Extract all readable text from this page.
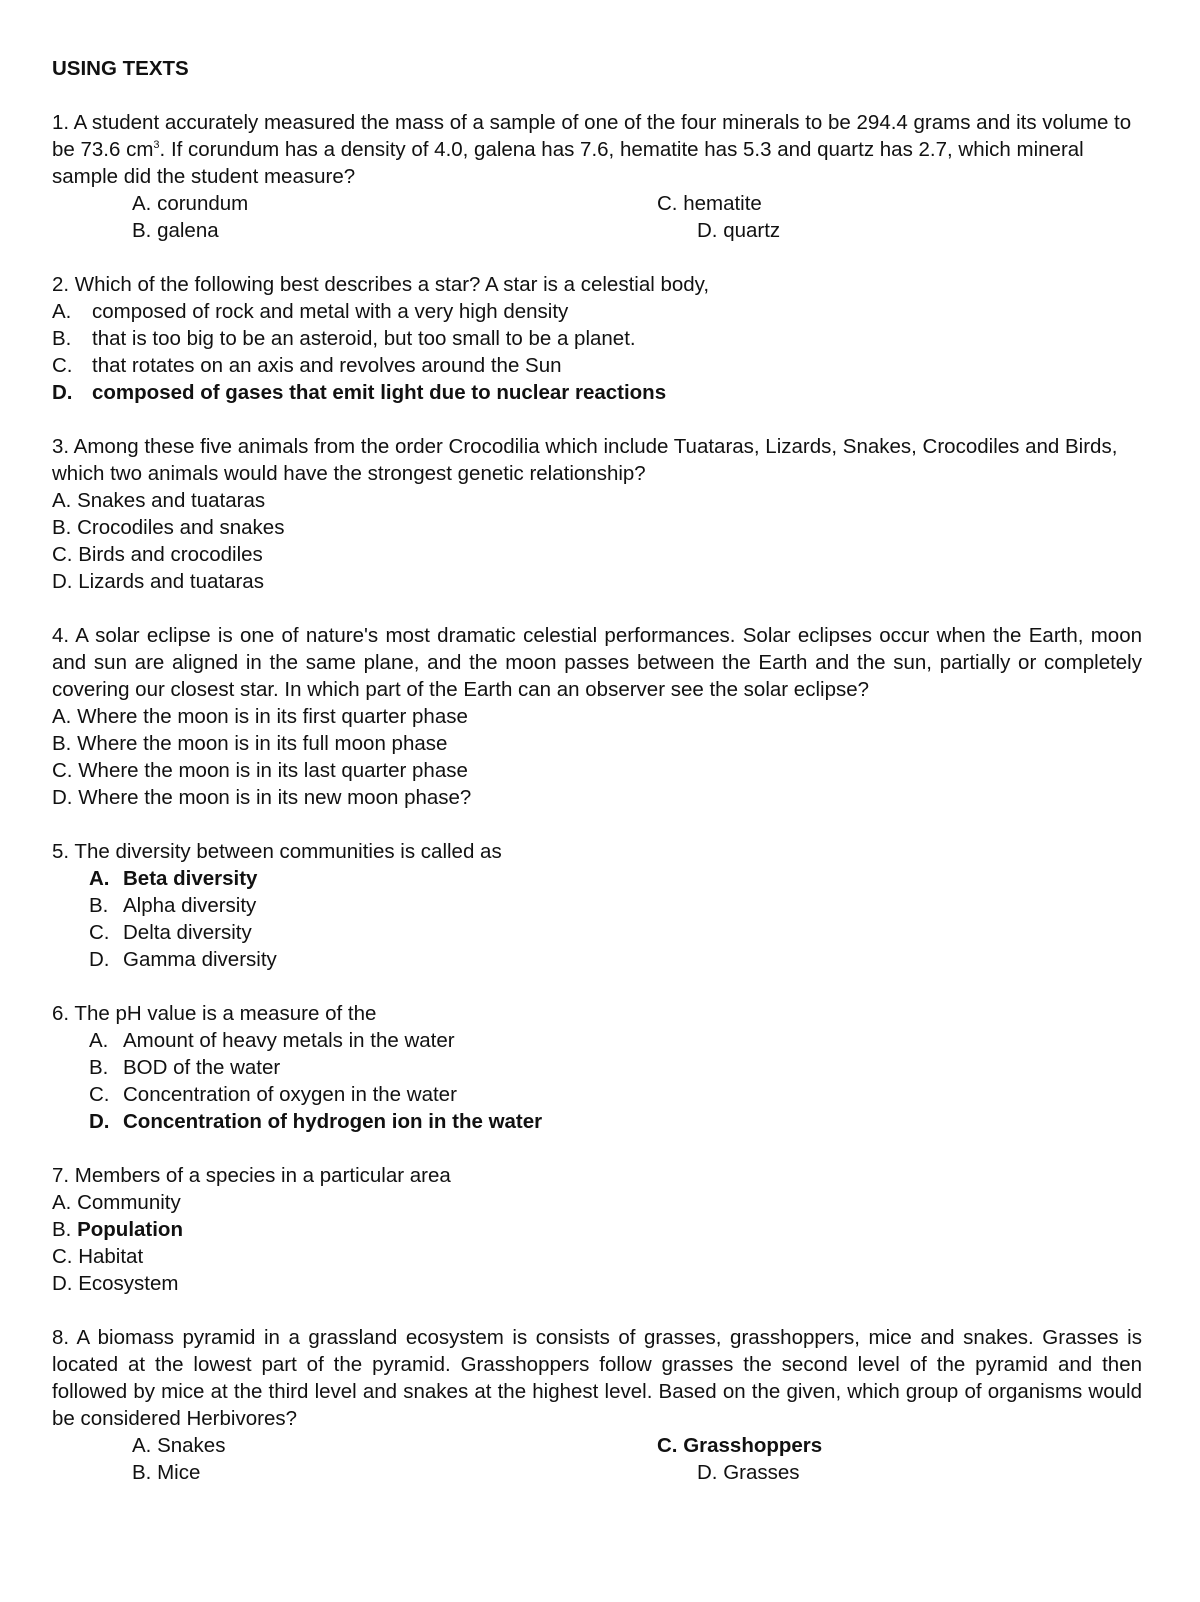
USING TEXTS

1. A student accurately measured the mass of a sample of one of the four minerals to be 294.4 grams and its volume to be 73.6 $cm^3$. If corundum has a density of 4.0, galena has 7.6, hematite has 5.3 and quartz has 2.7, which mineral sample did the student measure?

A. corundum	C. hematite
B. galena	D. quartz

2. Which of the following best describes a star? A star is a celestial body,

A. composed of rock and metal with a very high density
B. that is too big to be an asteroid, but too small to be a planet.
C. that rotates on an axis and revolves around the Sun
D. composed of gases that emit light due to nuclear reactions

3. Among these five animals from the order Crocodilia which include Tuataras, Lizards, Snakes, Crocodiles and Birds, which two animals would have the strongest genetic relationship?

A. Snakes and tuataras
B. Crocodiles and snakes
C. Birds and crocodiles
D. Lizards and tuataras

4. A solar eclipse is one of nature's most dramatic celestial performances. Solar eclipses occur when the Earth, moon and sun are aligned in the same plane, and the moon passes between the Earth and the sun, partially or completely covering our closest star. In which part of the Earth can an observer see the solar eclipse?

A. Where the moon is in its first quarter phase
B. Where the moon is in its full moon phase
C. Where the moon is in its last quarter phase
D. Where the moon is in its new moon phase?

5. The diversity between communities is called as

A. Beta diversity
B. Alpha diversity
C. Delta diversity
D. Gamma diversity

6. The pH value is a measure of the

A. Amount of heavy metals in the water
B. BOD of the water
C. Concentration of oxygen in the water
D. Concentration of hydrogen ion in the water

7. Members of a species in a particular area

A. Community
B. Population
C. Habitat
D. Ecosystem

8. A biomass pyramid in a grassland ecosystem is consists of grasses, grasshoppers, mice and snakes. Grasses is located at the lowest part of the pyramid. Grasshoppers follow grasses the second level of the pyramid and then followed by mice at the third level and snakes at the highest level. Based on the given, which group of organisms would be considered Herbivores?

A. Snakes	C. Grasshoppers
B. Mice	D. Grasses
